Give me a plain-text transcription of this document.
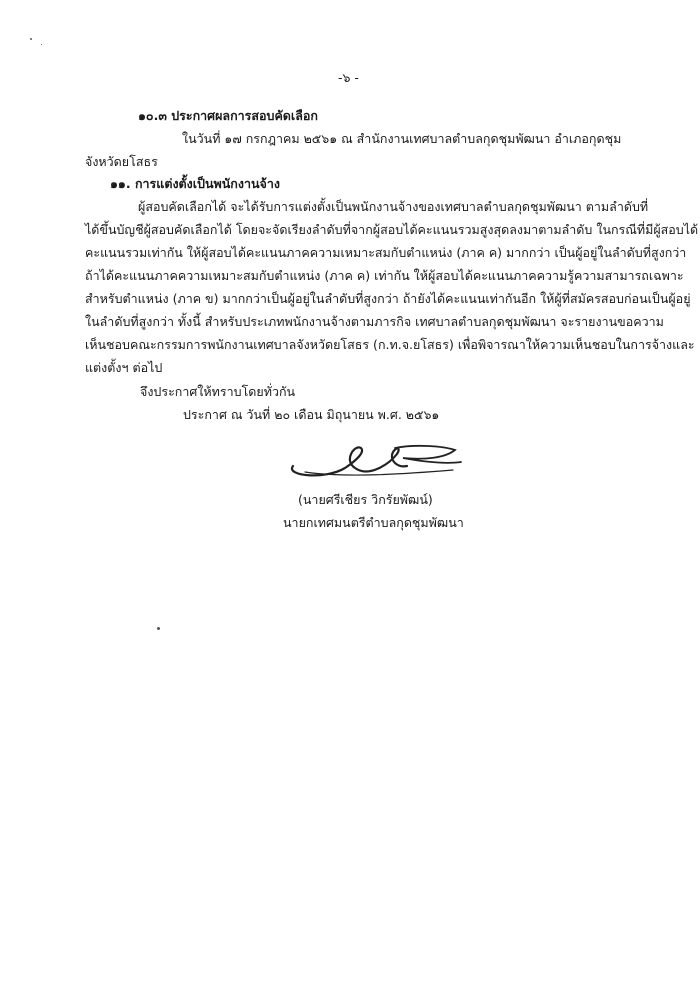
-๖ -
๑๐.๓ ประกาศผลการสอบคัดเลือก
ในวันที่ ๑๗ กรกฎาคม ๒๕๖๑ ณ สำนักงานเทศบาลตำบลกุดชุมพัฒนา อำเภอกุดชุม
จังหวัดยโสธร
๑๑. การแต่งตั้งเป็นพนักงานจ้าง
ผู้สอบคัดเลือกได้ จะได้รับการแต่งตั้งเป็นพนักงานจ้างของเทศบาลตำบลกุดชุมพัฒนา ตามลำดับที่
ได้ขึ้นบัญชีผู้สอบคัดเลือกได้ โดยจะจัดเรียงลำดับที่จากผู้สอบได้คะแนนรวมสูงสุดลงมาตามลำดับ ในกรณีที่มีผู้สอบได้
คะแนนรวมเท่ากัน ให้ผู้สอบได้คะแนนภาคความเหมาะสมกับตำแหน่ง (ภาค ค) มากกว่า เป็นผู้อยู่ในลำดับที่สูงกว่า
ถ้าได้คะแนนภาคความเหมาะสมกับตำแหน่ง (ภาค ค) เท่ากัน ให้ผู้สอบได้คะแนนภาคความรู้ความสามารถเฉพาะ
สำหรับตำแหน่ง (ภาค ข) มากกว่าเป็นผู้อยู่ในลำดับที่สูงกว่า ถ้ายังได้คะแนนเท่ากันอีก ให้ผู้ที่สมัครสอบก่อนเป็นผู้อยู่
ในลำดับที่สูงกว่า ทั้งนี้ สำหรับประเภทพนักงานจ้างตามภารกิจ เทศบาลตำบลกุดชุมพัฒนา จะรายงานขอความ
เห็นชอบคณะกรรมการพนักงานเทศบาลจังหวัดยโสธร (ก.ท.จ.ยโสธร) เพื่อพิจารณาให้ความเห็นชอบในการจ้างและ
แต่งตั้งฯ ต่อไป
จึงประกาศให้ทราบโดยทั่วกัน
ประกาศ ณ วันที่ ๒๐ เดือน มิถุนายน พ.ศ. ๒๕๖๑
(นายศรีเชียร วิกรัยพัฒน์)
นายกเทศมนตรีตำบลกุดชุมพัฒนา
